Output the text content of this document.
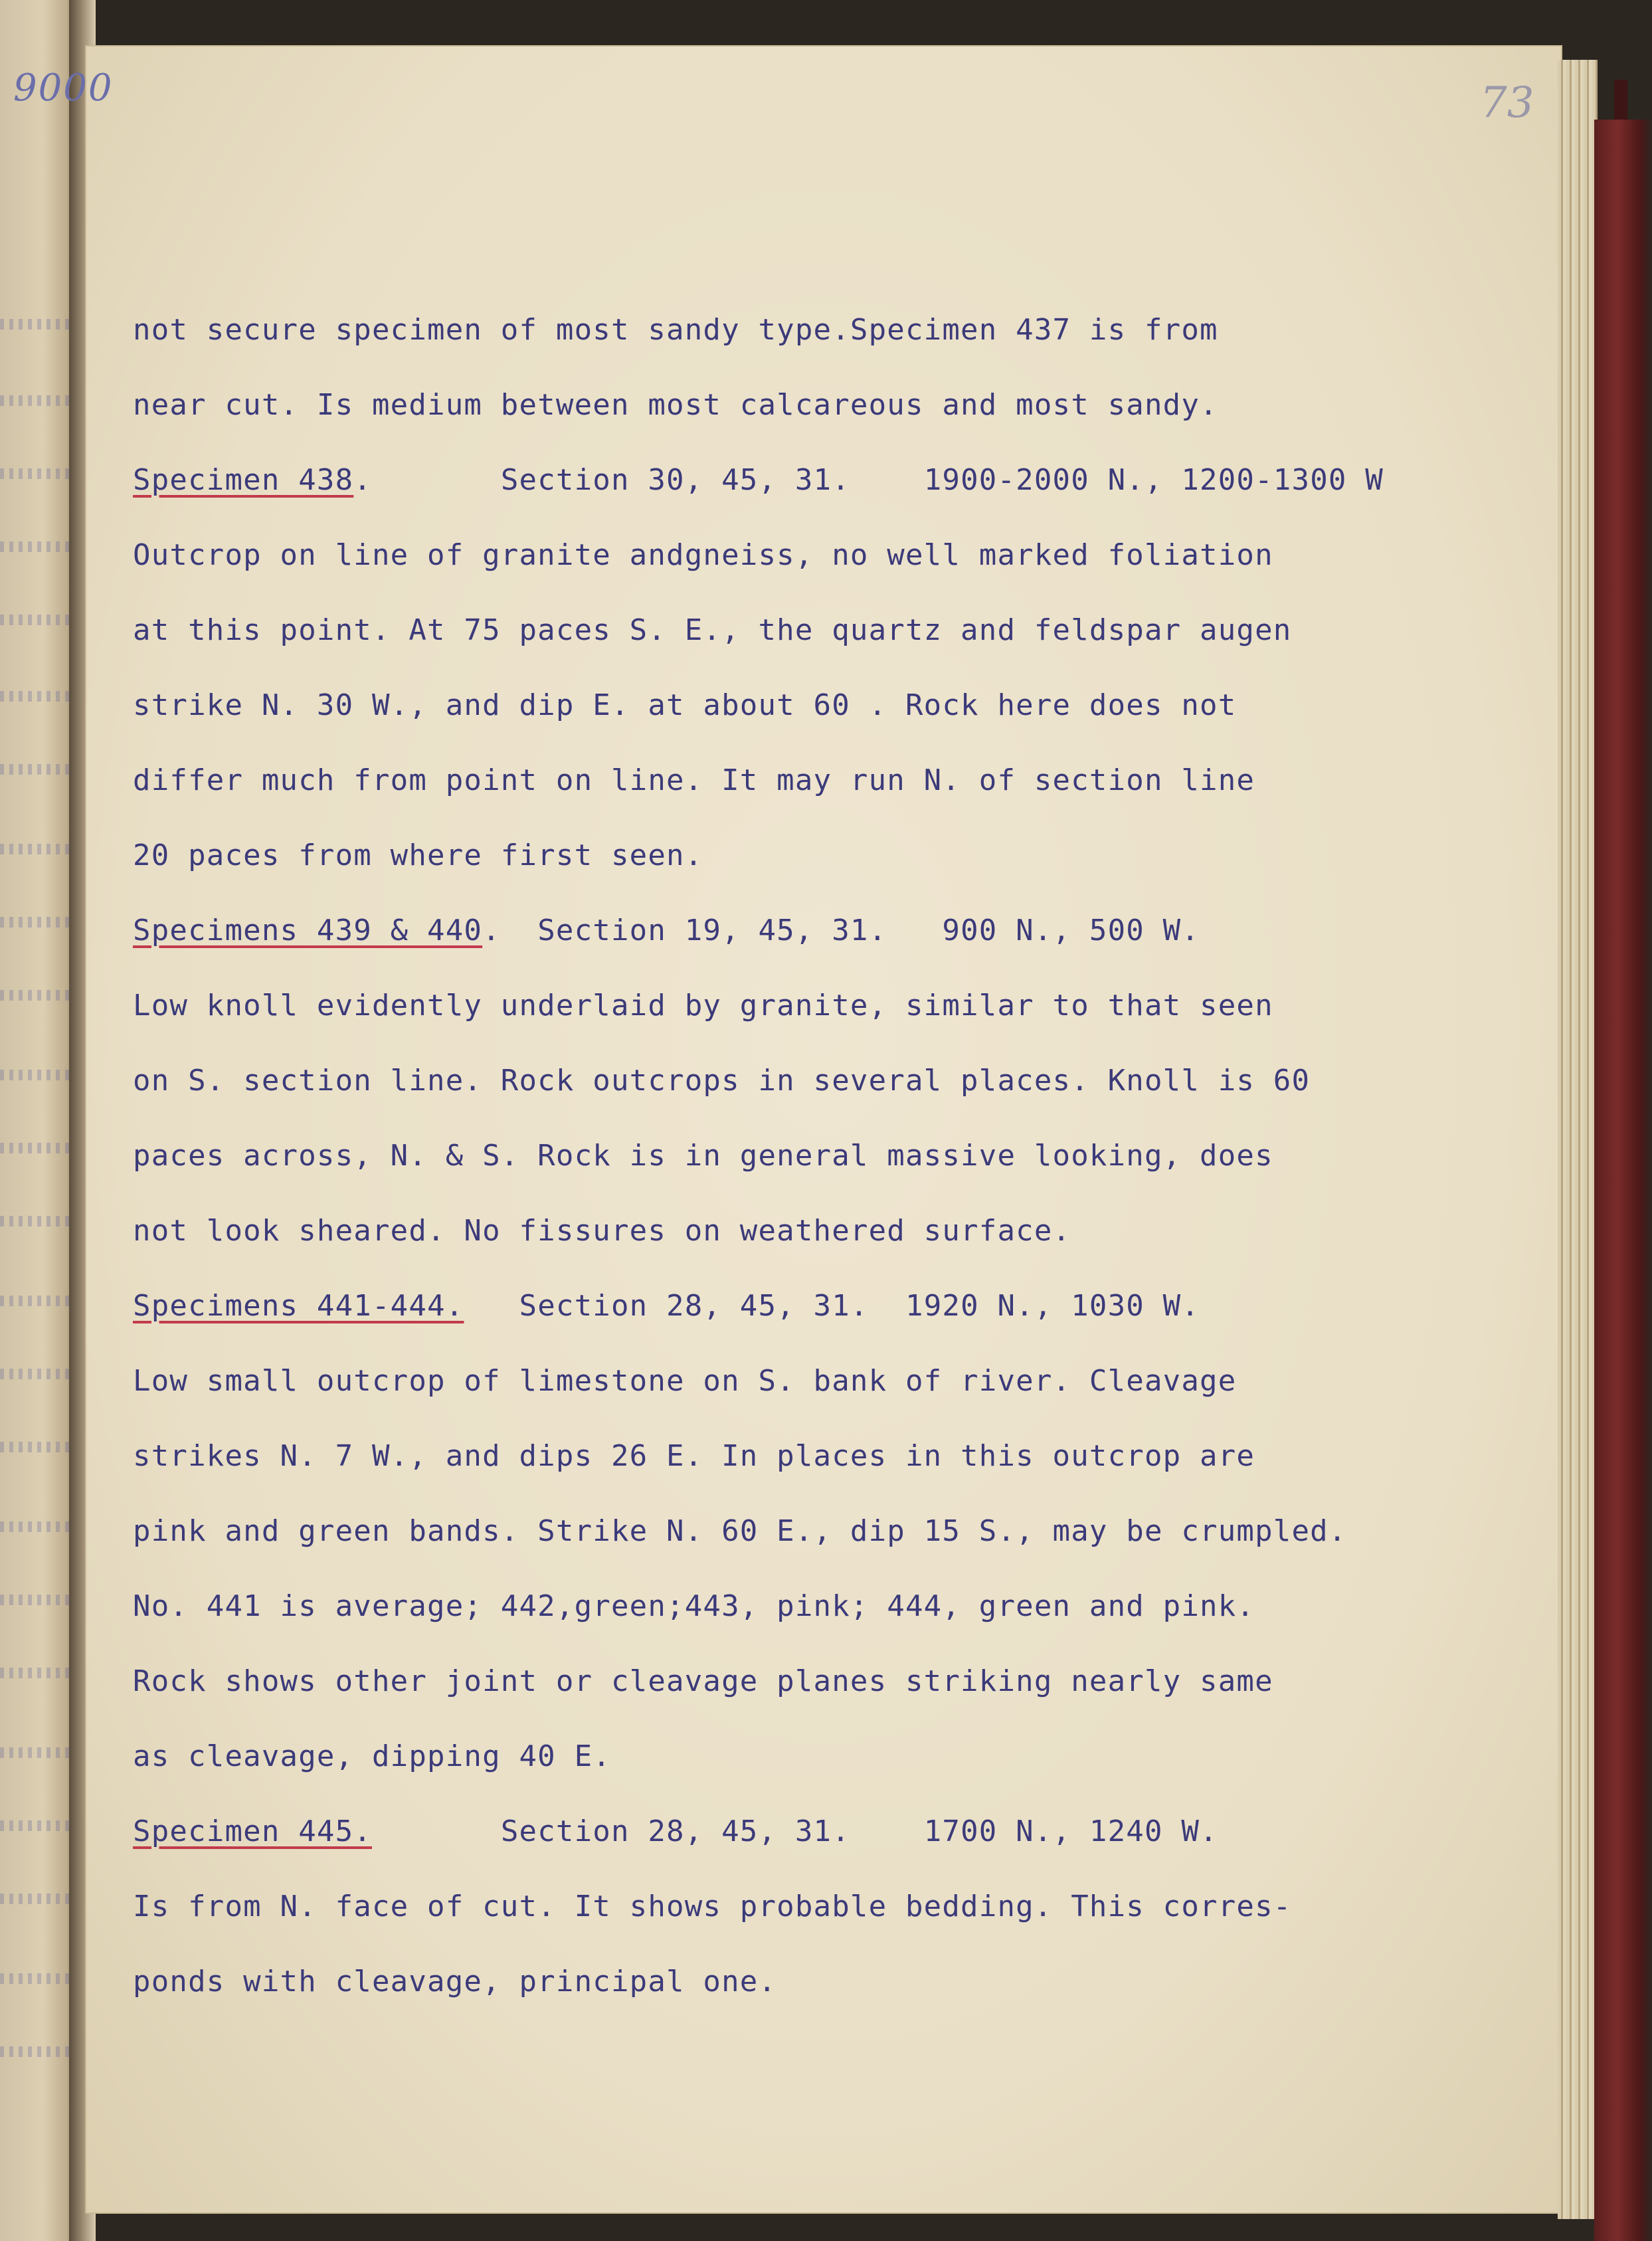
9000	73
not secure specimen of most sandy type.Specimen 437 is from
near cut. Is medium between most calcareous and most sandy.
Specimen 438.       Section 30, 45, 31.    1900-2000 N., 1200-1300 W
Outcrop on line of granite andgneiss, no well marked foliation
at this point. At 75 paces S. E., the quartz and feldspar augen
strike N. 30 W., and dip E. at about 60 . Rock here does not
differ much from point on line. It may run N. of section line
20 paces from where first seen.
Specimens 439 & 440.  Section 19, 45, 31.   900 N., 500 W.
Low knoll evidently underlaid by granite, similar to that seen
on S. section line. Rock outcrops in several places. Knoll is 60
paces across, N. & S. Rock is in general massive looking, does
not look sheared. No fissures on weathered surface.
Specimens 441-444.   Section 28, 45, 31.  1920 N., 1030 W.
Low small outcrop of limestone on S. bank of river. Cleavage
strikes N. 7 W., and dips 26 E. In places in this outcrop are
pink and green bands. Strike N. 60 E., dip 15 S., may be crumpled.
No. 441 is average; 442,green;443, pink; 444, green and pink.
Rock shows other joint or cleavage planes striking nearly same
as cleavage, dipping 40 E.
Specimen 445.       Section 28, 45, 31.    1700 N., 1240 W.
Is from N. face of cut. It shows probable bedding. This corres-
ponds with cleavage, principal one.
